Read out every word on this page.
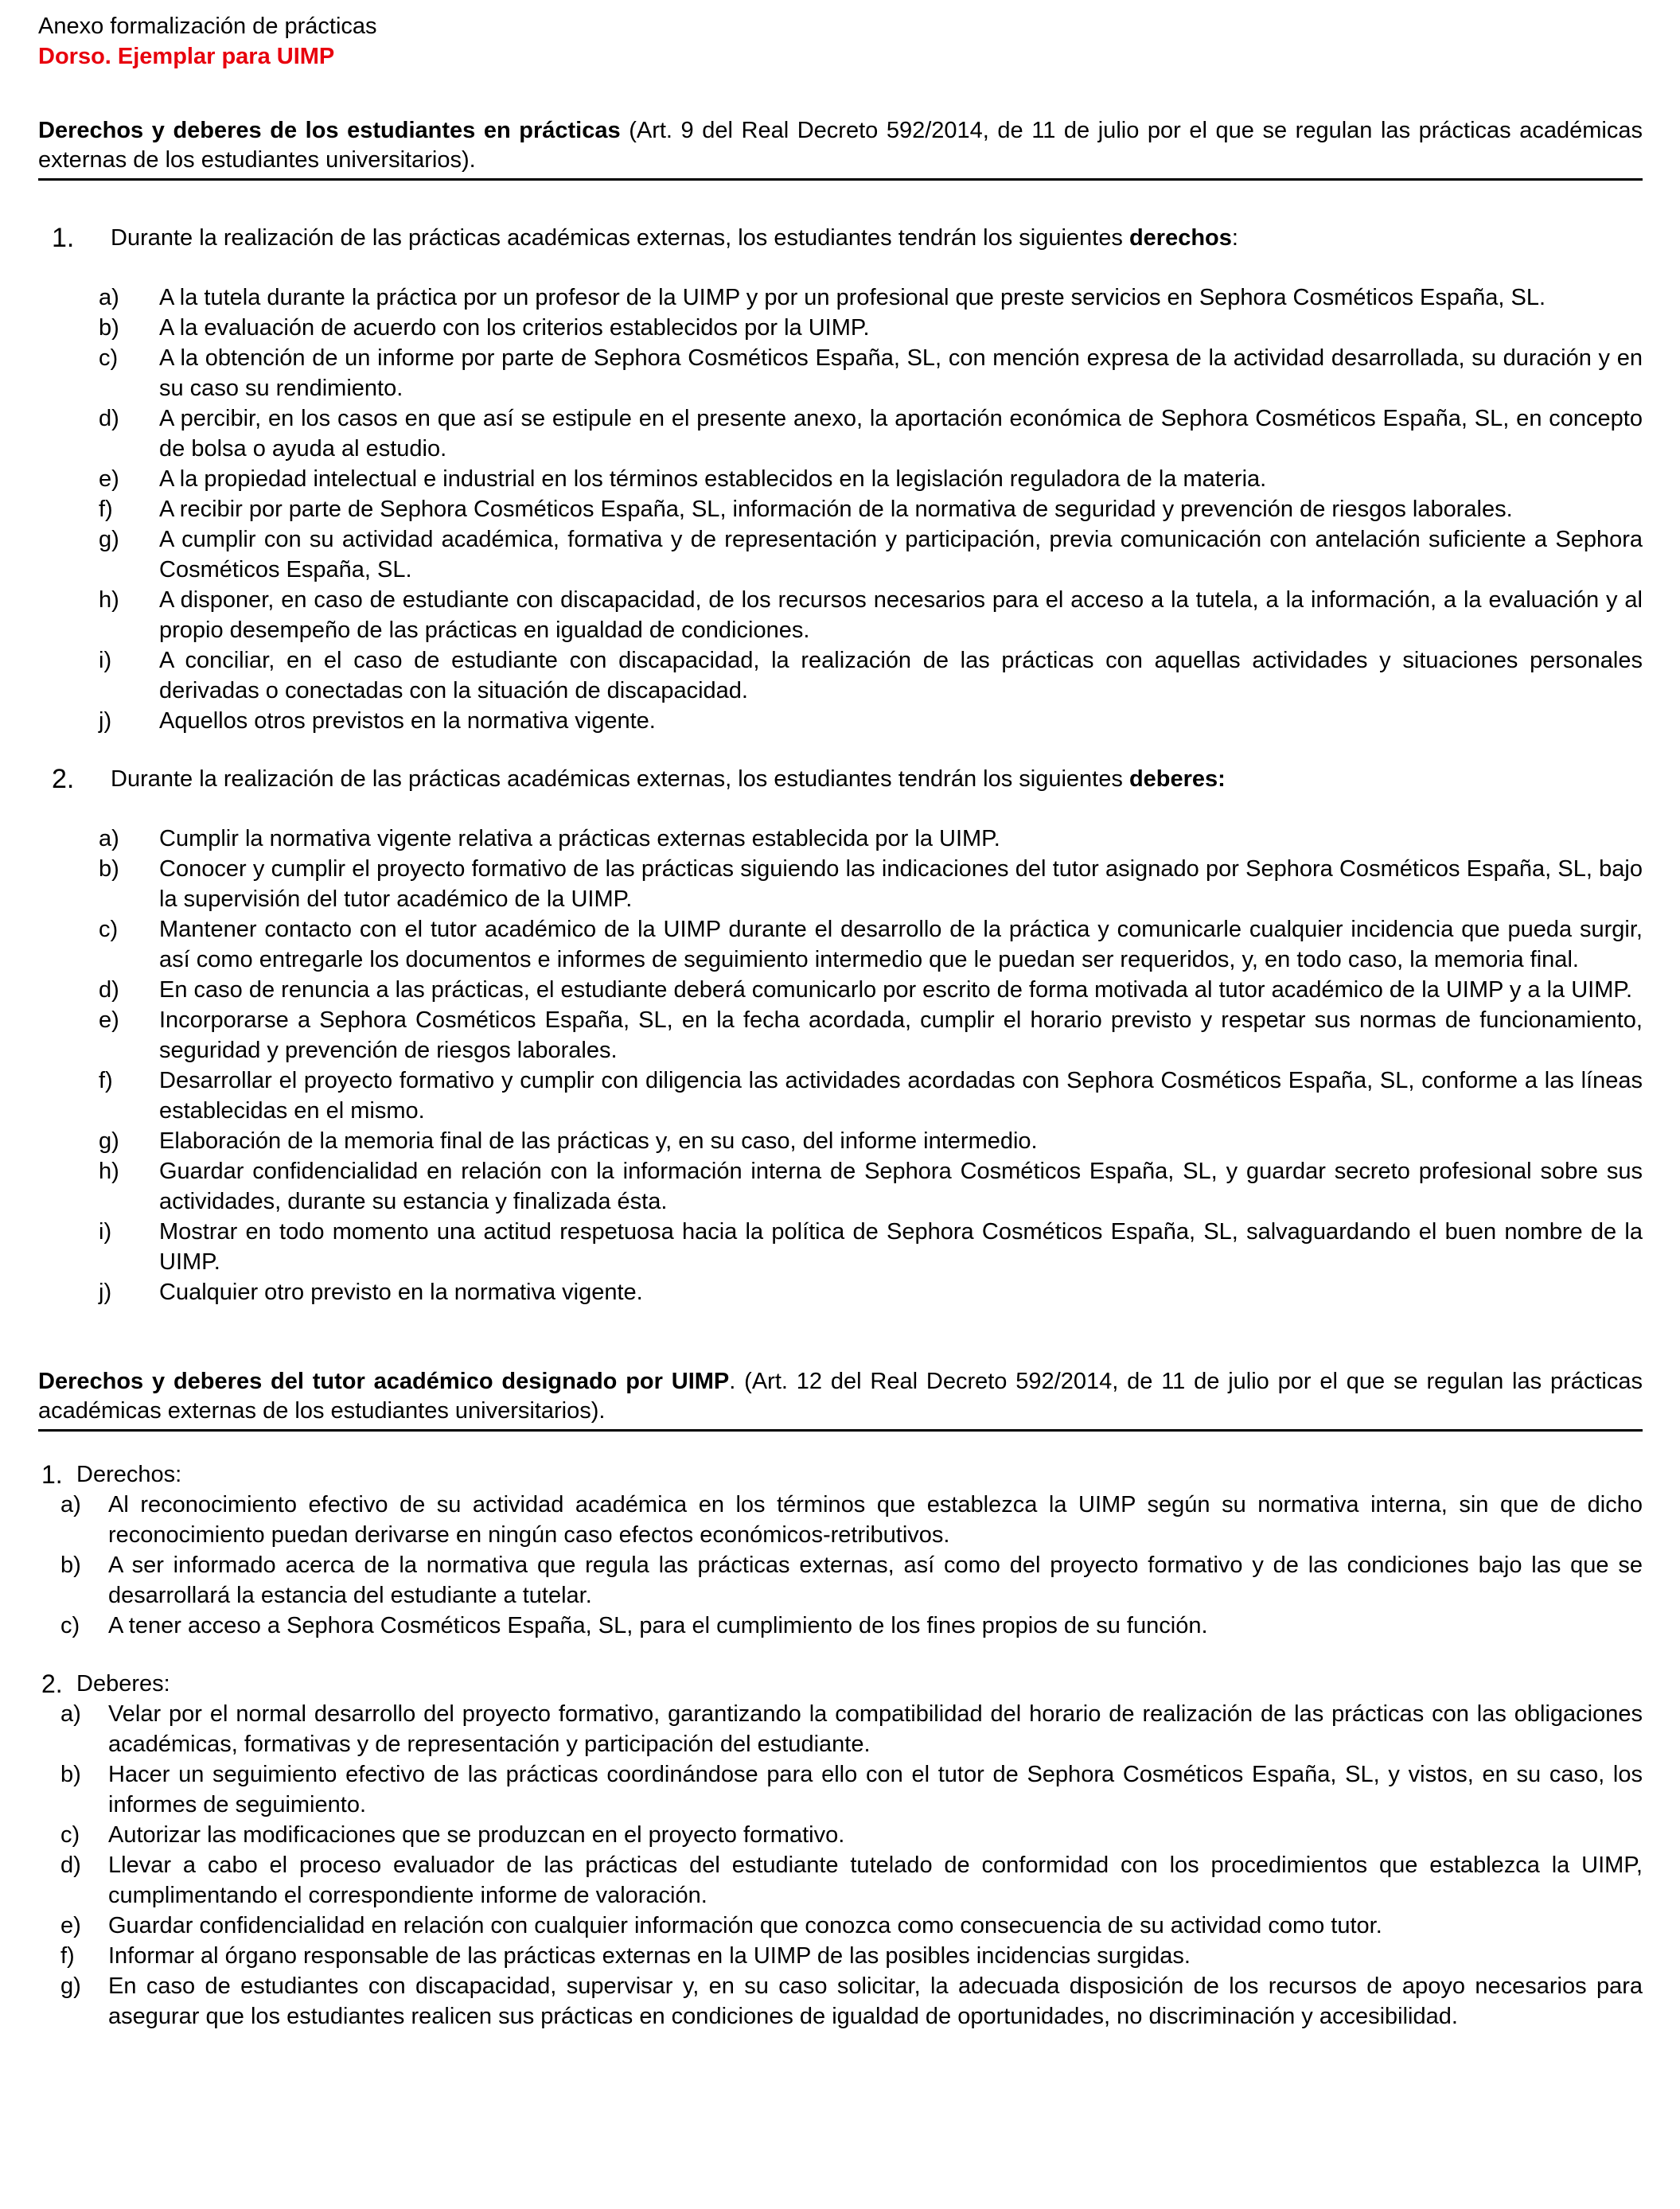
Anexo formalización de prácticas
Dorso. Ejemplar para UIMP
Derechos y deberes de los estudiantes en prácticas (Art. 9 del Real Decreto 592/2014, de 11 de julio por el que se regulan las prácticas académicas externas de los estudiantes universitarios).
1.	Durante la realización de las prácticas académicas externas, los estudiantes tendrán los siguientes derechos:
a)	A la tutela durante la práctica por un profesor de la UIMP y por un profesional que preste servicios en Sephora Cosméticos España, SL.
b)	A la evaluación de acuerdo con los criterios establecidos por la UIMP.
c)	A la obtención de un informe por parte de Sephora Cosméticos España, SL, con mención expresa de la actividad desarrollada, su duración y en su caso su rendimiento.
d)	A percibir, en los casos en que así se estipule en el presente anexo, la aportación económica de Sephora Cosméticos España, SL, en concepto de bolsa o ayuda al estudio.
e)	A la propiedad intelectual e industrial en los términos establecidos en la legislación reguladora de la materia.
f)	A recibir por parte de Sephora Cosméticos España, SL, información de la normativa de seguridad y prevención de riesgos laborales.
g)	A cumplir con su actividad académica, formativa y de representación y participación, previa comunicación con antelación suficiente a Sephora Cosméticos España, SL.
h)	A disponer, en caso de estudiante con discapacidad, de los recursos necesarios para el acceso a la tutela, a la información, a la evaluación y al propio desempeño de las prácticas en igualdad de condiciones.
i)	A conciliar, en el caso de estudiante con discapacidad, la realización de las prácticas con aquellas actividades y situaciones personales derivadas o conectadas con la situación de discapacidad.
j)	Aquellos otros previstos en la normativa vigente.
2.	Durante la realización de las prácticas académicas externas, los estudiantes tendrán los siguientes deberes:
a)	Cumplir la normativa vigente relativa a prácticas externas establecida por la UIMP.
b)	Conocer y cumplir el proyecto formativo de las prácticas siguiendo las indicaciones del tutor asignado por Sephora Cosméticos España, SL, bajo la supervisión del tutor académico de la UIMP.
c)	Mantener contacto con el tutor académico de la UIMP durante el desarrollo de la práctica y comunicarle cualquier incidencia que pueda surgir, así como entregarle los documentos e informes de seguimiento intermedio que le puedan ser requeridos, y, en todo caso, la memoria final.
d)	En caso de renuncia a las prácticas, el estudiante deberá comunicarlo por escrito de forma motivada al tutor académico de la UIMP y a la UIMP.
e)	Incorporarse a Sephora Cosméticos España, SL, en la fecha acordada, cumplir el horario previsto y respetar sus normas de funcionamiento, seguridad y prevención de riesgos laborales.
f)	Desarrollar el proyecto formativo y cumplir con diligencia las actividades acordadas con Sephora Cosméticos España, SL, conforme a las líneas establecidas en el mismo.
g)	Elaboración de la memoria final de las prácticas y, en su caso, del informe intermedio.
h)	Guardar confidencialidad en relación con la información interna de Sephora Cosméticos España, SL, y guardar secreto profesional sobre sus actividades, durante su estancia y finalizada ésta.
i)	Mostrar en todo momento una actitud respetuosa hacia la política de Sephora Cosméticos España, SL, salvaguardando el buen nombre de la UIMP.
j)	Cualquier otro previsto en la normativa vigente.
Derechos y deberes del tutor académico designado por UIMP. (Art. 12 del Real Decreto 592/2014, de 11 de julio por el que se regulan las prácticas académicas externas de los estudiantes universitarios).
1. Derechos:
a)	Al reconocimiento efectivo de su actividad académica en los términos que establezca la UIMP según su normativa interna, sin que de dicho reconocimiento puedan derivarse en ningún caso efectos económicos-retributivos.
b)	A ser informado acerca de la normativa que regula las prácticas externas, así como del proyecto formativo y de las condiciones bajo las que se desarrollará la estancia del estudiante a tutelar.
c)	A tener acceso a Sephora Cosméticos España, SL, para el cumplimiento de los fines propios de su función.
2. Deberes:
a)	Velar por el normal desarrollo del proyecto formativo, garantizando la compatibilidad del horario de realización de las prácticas con las obligaciones académicas, formativas y de representación y participación del estudiante.
b)	Hacer un seguimiento efectivo de las prácticas coordinándose para ello con el tutor de Sephora Cosméticos España, SL, y vistos, en su caso, los informes de seguimiento.
c)	Autorizar las modificaciones que se produzcan en el proyecto formativo.
d)	Llevar a cabo el proceso evaluador de las prácticas del estudiante tutelado de conformidad con los procedimientos que establezca la UIMP, cumplimentando el correspondiente informe de valoración.
e)	Guardar confidencialidad en relación con cualquier información que conozca como consecuencia de su actividad como tutor.
f)	Informar al órgano responsable de las prácticas externas en la UIMP de las posibles incidencias surgidas.
g)	En caso de estudiantes con discapacidad, supervisar y, en su caso solicitar, la adecuada disposición de los recursos de apoyo necesarios para asegurar que los estudiantes realicen sus prácticas en condiciones de igualdad de oportunidades, no discriminación y accesibilidad.
